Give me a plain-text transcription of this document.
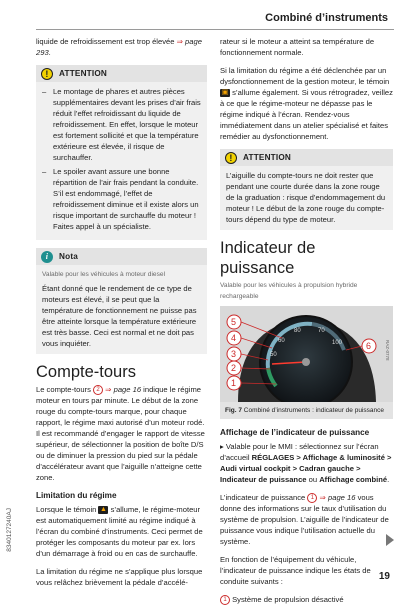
Combiné d’instruments

liquide de refroidissement est trop élevée ⇒ page 293.

!	ATTENTION
– Le montage de phares et autres pièces supplémentaires devant les prises d’air frais réduit l’effet refroidissant du liquide de refroidissement. En effet, lorsque le moteur est fortement sollicité et que la température extérieure est élevée, il risque de surchauffer.
– Le spoiler avant assure une bonne répartition de l’air frais pendant la conduite. S’il est endommagé, l’effet de refroidissement diminue et il existe alors un risque important de surchauffe du moteur ! Faites appel à un spécialiste.
i	Nota
Valable pour les véhicules à moteur diesel
Étant donné que le rendement de ce type de moteurs est élevé, il se peut que la température de fonctionnement ne puisse pas être atteinte lorsque la température extérieure est très basse. Ceci est normal et ne doit pas vous inquiéter.
Compte-tours

Le compte-tours 2 ⇒ page 16 indique le régime moteur en tours par minute. Le début de la zone rouge du compte-tours marque, pour chaque rapport, le régime maxi autorisé d’un moteur rodé. Il est recommandé d’engager le rapport de vitesse supérieur, de sélectionner la position de boîte D/S ou de diminuer la pression du pied sur la pédale d’accélérateur avant que l’aiguille n’atteigne cette zone.

Limitation du régime

Lorsque le témoin ▲ s’allume, le régime-moteur est automatiquement limité au régime indiqué à l’écran du combiné d’instruments. Ceci permet de protéger les composants du moteur par ex. lors d’un démarrage à froid ou en cas de surchauffe.

La limitation du régime ne s’applique plus lorsque vous relâchez brièvement la pédale d’accélé-

rateur si le moteur a atteint sa température de fonctionnement normale.

Si la limitation du régime a été déclenchée par un dysfonctionnement de la gestion moteur, le témoin ▣ s’allume également. Si vous rétrogradez, veillez à ce que le régime-moteur ne dépasse pas le régime indiqué à l’écran. Rendez-vous immédiatement dans un atelier spécialisé et faites remédier au dysfonctionnement.

!	ATTENTION
L’aiguille du compte-tours ne doit rester que pendant une courte durée dans la zone rouge de la graduation : risque d’endommagement du moteur ! Le début de la zone rouge du compte-tours dépend du type de moteur.
Indicateur de puissance
Valable pour les véhicules à propulsion hybride rechargeable
80	70
60
50
100
5
4
3
2
1
6	RAZ-0778
Fig. 7 Combiné d’instruments : indicateur de puissance
Affichage de l’indicateur de puissance

▸ Valable pour le MMI : sélectionnez sur l’écran d’accueil RÉGLAGES > Affichage & luminosité > Audi virtual cockpit > Cadran gauche > Indicateur de puissance ou Affichage combiné.

L’indicateur de puissance 1 ⇒ page 16 vous donne des informations sur le taux d’utilisation du système de propulsion. L’aiguille de l’indicateur de puissance vous indique l’utilisation actuelle du système.

En fonction de l’équipement du véhicule, l’indicateur de puissance indique les états de conduite suivants :

1 Système de propulsion désactivé

8340127240AJ
19
